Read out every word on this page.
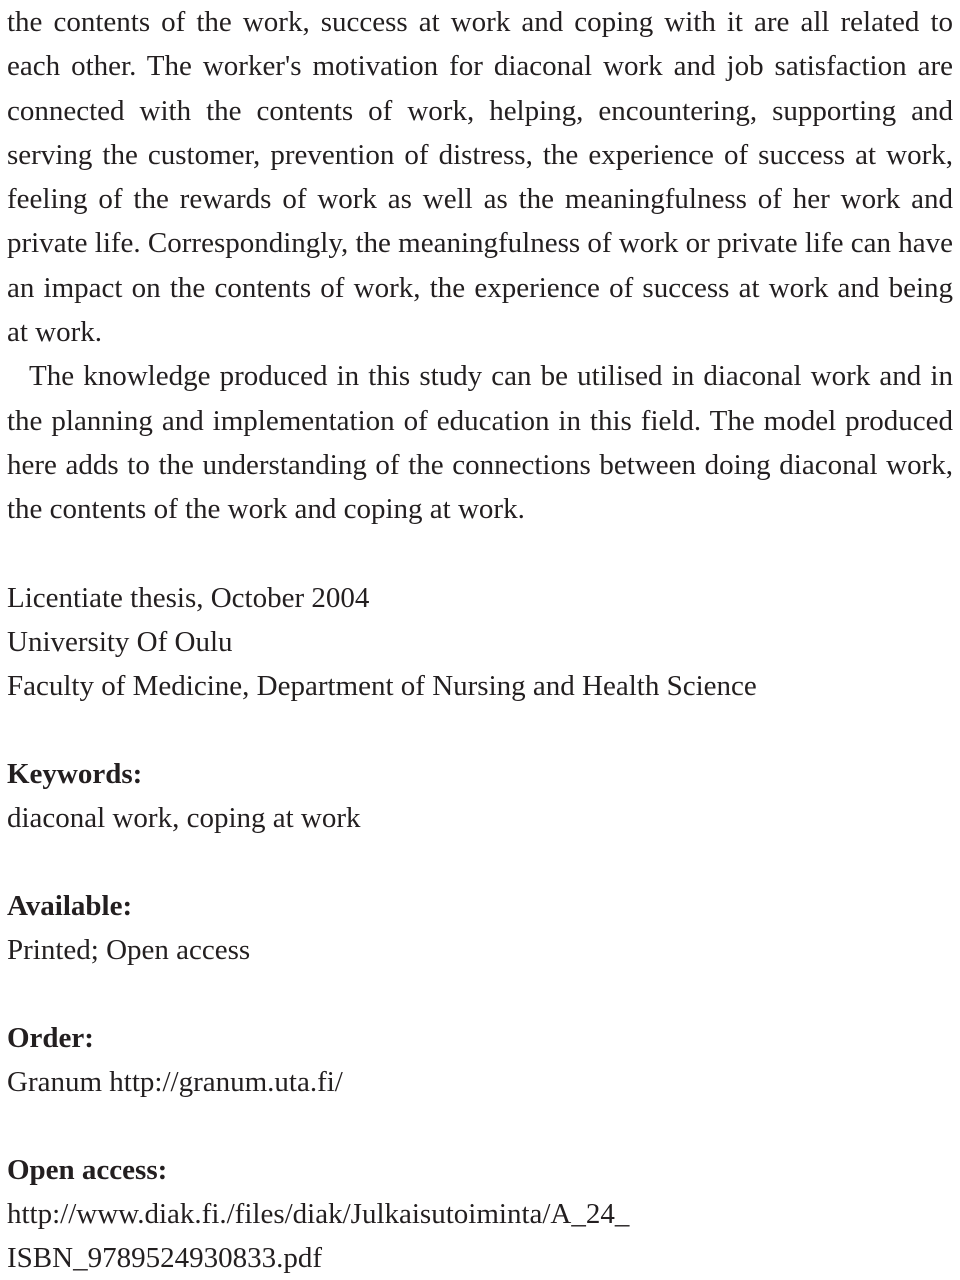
the contents of the work, success at work and coping with it are all related to each other. The worker's motivation for diaconal work and job satisfaction are connected with the contents of work, helping, encountering, supporting and serving the customer, prevention of distress, the experience of success at work, feeling of the rewards of work as well as the meaningfulness of her work and private life. Correspondingly, the meaningfulness of work or private life can have an impact on the contents of work, the experience of success at work and being at work.

The knowledge produced in this study can be utilised in diaconal work and in the planning and implementation of education in this field. The model produced here adds to the understanding of the connections between doing diaconal work, the contents of the work and coping at work.

Licentiate thesis, October 2004
University Of Oulu
Faculty of Medicine, Department of Nursing and Health Science
Keywords:
diaconal work, coping at work
Available:
Printed; Open access
Order:
Granum http://granum.uta.fi/
Open access:
http://www.diak.fi./files/diak/Julkaisutoiminta/A_24_
ISBN_9789524930833.pdf
